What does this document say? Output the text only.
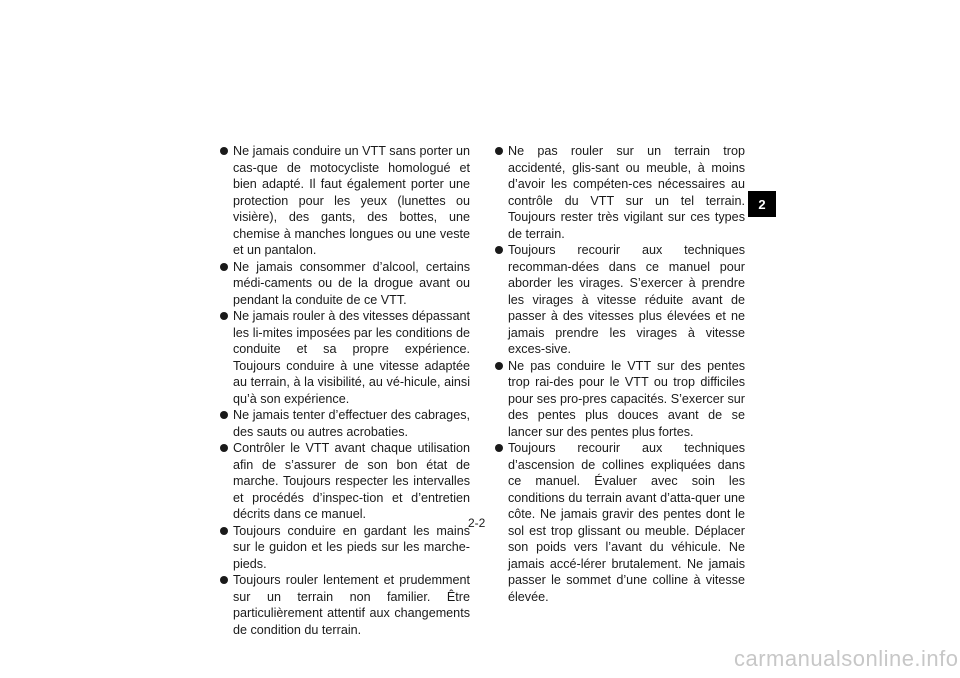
Ne jamais conduire un VTT sans porter un cas-que de motocycliste homologué et bien adapté. Il faut également porter une protection pour les yeux (lunettes ou visière), des gants, des bottes, une chemise à manches longues ou une veste et un pantalon.
Ne jamais consommer d’alcool, certains médi-caments ou de la drogue avant ou pendant la conduite de ce VTT.
Ne jamais rouler à des vitesses dépassant les li-mites imposées par les conditions de conduite et sa propre expérience. Toujours conduire à une vitesse adaptée au terrain, à la visibilité, au vé-hicule, ainsi qu’à son expérience.
Ne jamais tenter d’effectuer des cabrages, des sauts ou autres acrobaties.
Contrôler le VTT avant chaque utilisation afin de s’assurer de son bon état de marche. Toujours respecter les intervalles et procédés d’inspec-tion et d’entretien décrits dans ce manuel.
Toujours conduire en gardant les mains sur le guidon et les pieds sur les marche-pieds.
Toujours rouler lentement et prudemment sur un terrain non familier. Être particulièrement attentif aux changements de condition du terrain.
Ne pas rouler sur un terrain trop accidenté, glis-sant ou meuble, à moins d’avoir les compéten-ces nécessaires au contrôle du VTT sur un tel terrain. Toujours rester très vigilant sur ces types de terrain.
Toujours recourir aux techniques recomman-dées dans ce manuel pour aborder les virages. S’exercer à prendre les virages à vitesse réduite avant de passer à des vitesses plus élevées et ne jamais prendre les virages à vitesse exces-sive.
Ne pas conduire le VTT sur des pentes trop rai-des pour le VTT ou trop difficiles pour ses pro-pres capacités. S’exercer sur des pentes plus douces avant de se lancer sur des pentes plus fortes.
Toujours recourir aux techniques d’ascension de collines expliquées dans ce manuel. Évaluer avec soin les conditions du terrain avant d’atta-quer une côte. Ne jamais gravir des pentes dont le sol est trop glissant ou meuble. Déplacer son poids vers l’avant du véhicule. Ne jamais accé-lérer brutalement. Ne jamais passer le sommet d’une colline à vitesse élevée.
2
2-2
carmanualsonline.info
